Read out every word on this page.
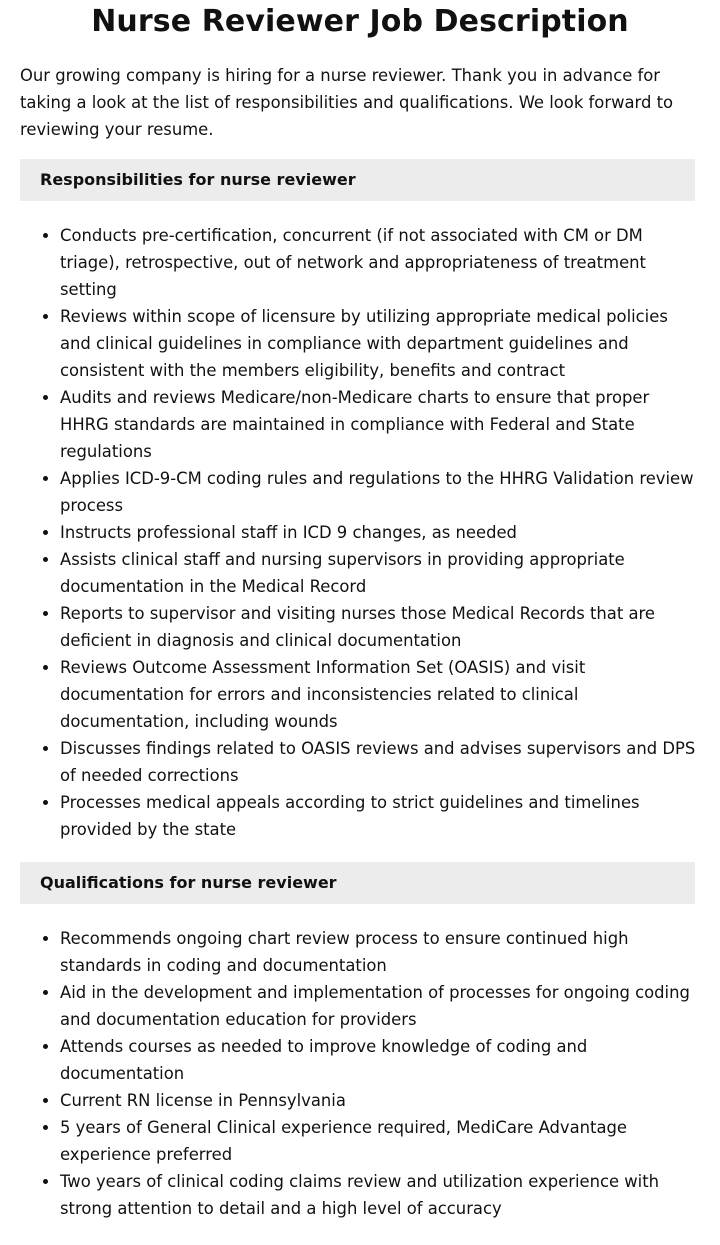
Nurse Reviewer Job Description

Our growing company is hiring for a nurse reviewer. Thank you in advance for taking a look at the list of responsibilities and qualifications. We look forward to reviewing your resume.

Responsibilities for nurse reviewer
• Conducts pre-certification, concurrent (if not associated with CM or DM triage), retrospective, out of network and appropriateness of treatment setting
• Reviews within scope of licensure by utilizing appropriate medical policies and clinical guidelines in compliance with department guidelines and consistent with the members eligibility, benefits and contract
• Audits and reviews Medicare/non-Medicare charts to ensure that proper HHRG standards are maintained in compliance with Federal and State regulations
• Applies ICD-9-CM coding rules and regulations to the HHRG Validation review process
• Instructs professional staff in ICD 9 changes, as needed
• Assists clinical staff and nursing supervisors in providing appropriate documentation in the Medical Record
• Reports to supervisor and visiting nurses those Medical Records that are deficient in diagnosis and clinical documentation
• Reviews Outcome Assessment Information Set (OASIS) and visit documentation for errors and inconsistencies related to clinical documentation, including wounds
• Discusses findings related to OASIS reviews and advises supervisors and DPS of needed corrections
• Processes medical appeals according to strict guidelines and timelines provided by the state
Qualifications for nurse reviewer
• Recommends ongoing chart review process to ensure continued high standards in coding and documentation
• Aid in the development and implementation of processes for ongoing coding and documentation education for providers
• Attends courses as needed to improve knowledge of coding and documentation
• Current RN license in Pennsylvania
• 5 years of General Clinical experience required, MediCare Advantage experience preferred
• Two years of clinical coding claims review and utilization experience with strong attention to detail and a high level of accuracy
